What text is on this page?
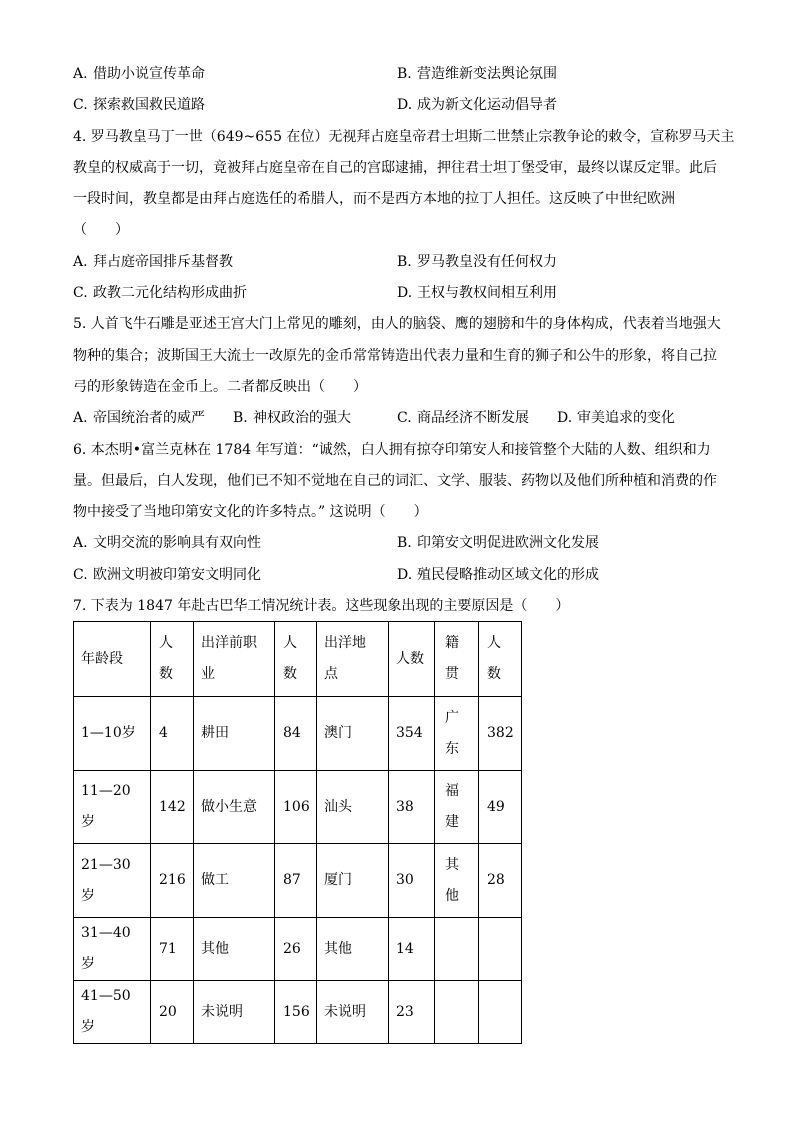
A. 借助小说宣传革命	B. 营造维新变法舆论氛围
C. 探索救国救民道路	D. 成为新文化运动倡导者
4. 罗马教皇马丁一世（649~655 在位）无视拜占庭皇帝君士坦斯二世禁止宗教争论的敕令，宣称罗马天主
教皇的权威高于一切，竟被拜占庭皇帝在自己的宫邸逮捕，押往君士坦丁堡受审，最终以谋反定罪。此后
一段时间，教皇都是由拜占庭选任的希腊人，而不是西方本地的拉丁人担任。这反映了中世纪欧洲
（　　）
A. 拜占庭帝国排斥基督教	B. 罗马教皇没有任何权力
C. 政教二元化结构形成曲折	D. 王权与教权间相互利用
5. 人首飞牛石雕是亚述王宫大门上常见的雕刻，由人的脑袋、鹰的翅膀和牛的身体构成，代表着当地强大
物种的集合；波斯国王大流士一改原先的金币常常铸造出代表力量和生育的狮子和公牛的形象，将自己拉
弓的形象铸造在金币上。二者都反映出（　　）
A. 帝国统治者的威严 B. 神权政治的强大	C. 商品经济不断发展 D. 审美追求的变化
6. 本杰明•富兰克林在 1784 年写道：“诚然，白人拥有掠夺印第安人和接管整个大陆的人数、组织和力
量。但最后，白人发现，他们已不知不觉地在自己的词汇、文学、服装、药物以及他们所种植和消费的作
物中接受了当地印第安文化的许多特点。” 这说明（　　）
A. 文明交流的影响具有双向性	B. 印第安文明促进欧洲文化发展
C. 欧洲文明被印第安文明同化	D. 殖民侵略推动区域文化的形成
7. 下表为 1847 年赴古巴华工情况统计表。这些现象出现的主要原因是（　　）
年龄段	人数	出洋前职业	人数	出洋地点	人数	籍贯	人数
1—10岁	4	耕田	84	澳门	354	广东	382
11—20岁	142	做小生意	106	汕头	38	福建	49
21—30岁	216	做工	87	厦门	30	其他	28
31—40岁	71	其他	26	其他	14		
41—50岁	20	未说明	156	未说明	23		
